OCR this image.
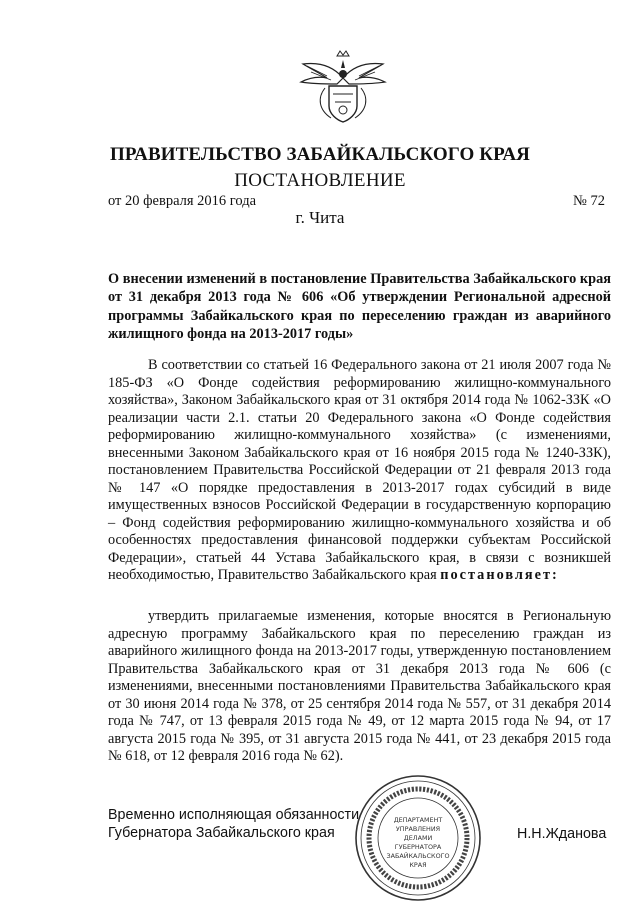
ПРАВИТЕЛЬСТВО ЗАБАЙКАЛЬСКОГО КРАЯ
ПОСТАНОВЛЕНИЕ
от 20 февраля 2016 года	№ 72
г. Чита
О внесении изменений в постановление Правительства Забайкальского края от 31 декабря 2013 года № 606 «Об утверждении Региональной адресной программы Забайкальского края по переселению граждан из аварийного жилищного фонда на 2013-2017 годы»

В соответствии со статьей 16 Федерального закона от 21 июля 2007 года № 185-ФЗ «О Фонде содействия реформированию жилищно-коммунального хозяйства», Законом Забайкальского края от 31 октября 2014 года № 1062-ЗЗК «О реализации части 2.1. статьи 20 Федерального закона «О Фонде содействия реформированию жилищно-коммунального хозяйства» (с изменениями, внесенными Законом Забайкальского края от 16 ноября 2015 года № 1240-ЗЗК), постановлением Правительства Российской Федерации от 21 февраля 2013 года № 147 «О порядке предоставления в 2013-2017 годах субсидий в виде имущественных взносов Российской Федерации в государственную корпорацию – Фонд содействия реформированию жилищно-коммунального хозяйства и об особенностях предоставления финансовой поддержки субъектам Российской Федерации», статьей 44 Устава Забайкальского края, в связи с возникшей необходимостью, Правительство Забайкальского края постановляет:

утвердить прилагаемые изменения, которые вносятся в Региональную адресную программу Забайкальского края по переселению граждан из аварийного жилищного фонда на 2013-2017 годы, утвержденную постановлением Правительства Забайкальского края от 31 декабря 2013 года № 606 (с изменениями, внесенными постановлениями Правительства Забайкальского края от 30 июня 2014 года № 378, от 25 сентября 2014 года № 557, от 31 декабря 2014 года № 747, от 13 февраля 2015 года № 49, от 12 марта 2015 года № 94, от 17 августа 2015 года № 395, от 31 августа 2015 года № 441, от 23 декабря 2015 года № 618, от 12 февраля 2016 года № 62).

Временно исполняющая обязанности
Губернатора Забайкальского края	Н.Н.Жданова
ДЕПАРТАМЕНТ
УПРАВЛЕНИЯ
ДЕЛАМИ
ГУБЕРНАТОРА
ЗАБАЙКАЛЬСКОГО
КРАЯ
